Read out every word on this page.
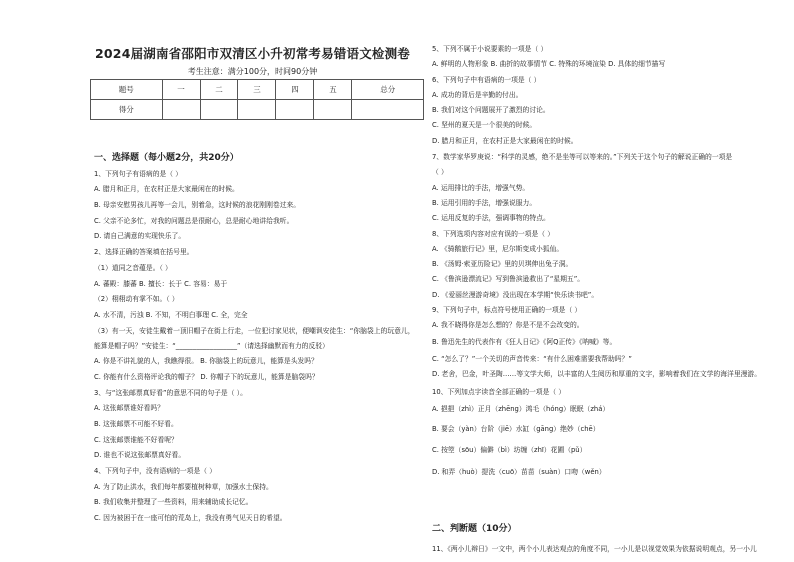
2024届湖南省邵阳市双清区小升初常考易错语文检测卷
考生注意：满分100分，时间90分钟
题号	一	二	三	四	五	总分
得分						
一、选择题（每小题2分，共20分）
1、下列句子有语病的是（ ）
A. 腊月和正月，在农村正是大家最闲在的时候。
B. 母亲安慰男孩儿再等一会儿，别着急，这时候的浪花刚刚卷过来。
C. 父亲不论多忙，对我的问题总是很耐心，总是耐心地讲给我听。
D. 请自己满意的实现快乐了。
2、选择正确的答案填在括号里。
（1）道同之音蕴是。（ ）
A. 蕃殿：膝蕃 B. 擅长：长于 C. 容易：易于
（2）栩栩动有掌不如。（ ）
A. 水不清，污浊 B. 不知，不明白事理 C. 全，完全
（3）有一天，安徒生戴着一顶旧帽子在街上行走，一位犯讨家见状，便嘲讽安徒生：“你脑袋上的玩意儿，
能算是帽子吗？”安徒生：“__________________”（请选择幽默而有力的反驳）
A. 你是不讲礼貌的人，我瞧得很。 B. 你脑袋上的玩意儿，能算是头发吗？
C. 你能有什么资格评论我的帽子？ D. 你帽子下的玩意儿，能算是脑袋吗？
3、与“这张邮票真好看”的意思不同的句子是（ ）。
A. 这张邮票谁好看吗？
B. 这张邮票不可能不好看。
C. 这张邮票谁能不好看呢？
D. 谁也不说这张邮票真好看。
4、下列句子中，没有语病的一项是（ ）
A. 为了防止洪水，我们每年都要植树种草，加强水土保持。
B. 我们收集并整理了一些资料，用来辅助成长记忆。
C. 因为被困于在一座可怕的荒岛上，我没有勇气见天日的希望。
5、下列不属于小说要素的一项是（ ）
A. 鲜明的人物形象 B. 曲折的故事情节 C. 特殊的环境渲染 D. 具体的细节描写
6、下列句子中有语病的一项是（ ）
A. 成功的背后是辛勤的付出。
B. 我们对这个问题展开了激烈的讨论。
C. 坚州的夏天是一个很美的时候。
D. 腊月和正月，在农村正是大家最闲在的时候。
7、数学家华罗庚说：“科学的灵感，绝不是坐等可以等来的。”下列关于这个句子的解说正确的一项是
（ ）
A. 运用排比的手法，增强气势。
B. 运用引用的手法，增强说服力。
C. 运用反复的手法，强调事物的特点。
8、下列选项内容对应有误的一项是（ ）
A. 《骑鹅旅行记》里，尼尔斯变成小狐仙。
B. 《汤姆·索亚历险记》里的贝琪伸出兔子洞。
C. 《鲁滨逊漂流记》写到鲁滨逊救出了“星期五”。
D. 《爱丽丝漫游奇境》没出现在本学期“快乐读书吧”。
9、下列句子中，标点符号使用正确的一项是（ ）
A. 我不晓得你是怎么想的？你是不是不会改变的。
B. 鲁迅先生的代表作有《狂人日记》《阿Q正传》《呐喊》等。
C. “怎么了？”一个关切的声音传来：“有什么困难需要我帮助吗？”
D. 老舍，巴金，叶圣陶……等文学大师，以丰富的人生阅历和厚重的文字，影响着我们在文学的海洋里漫游。
10、下列加点字读音全部正确的一项是（ ）
A. 挹挹（zhì）正月（zhēng）鸿毛（hóng）眠眠（zhá）
B. 要会（yàn）台阶（jiē）水缸（gāng）绝妙（chē）
C. 按箜（sōu）偏僻（bì）坊缠（zhī）花圃（pǔ）
D. 和弄（huò）提洗（cuō）苗苗（suàn）口吻（wěn）
二、判断题（10分）
11、《两小儿辩日》一文中，两个小儿表达观点的角度不同，一小儿是以视觉效果为依据说明观点，另一小儿
